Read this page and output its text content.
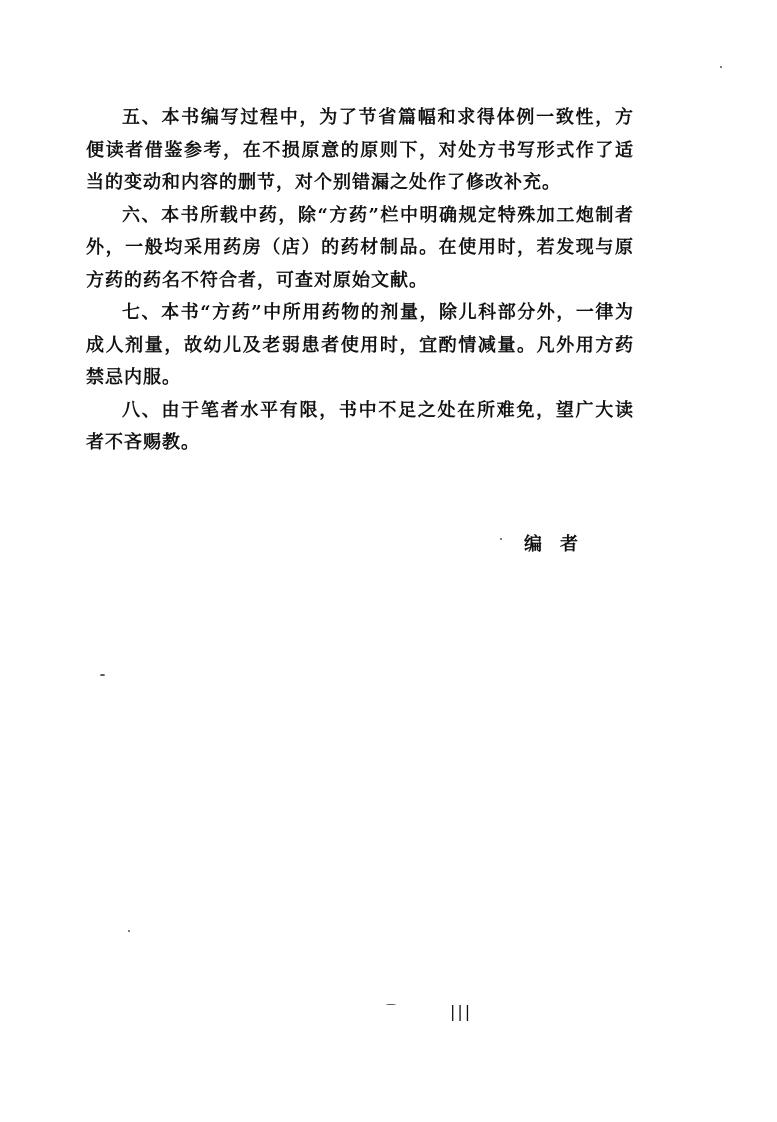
五、本书编写过程中，为了节省篇幅和求得体例一致性，方便读者借鉴参考，在不损原意的原则下，对处方书写形式作了适当的变动和内容的删节，对个别错漏之处作了修改补充。

六、本书所载中药，除“方药”栏中明确规定特殊加工炮制者外，一般均采用药房（店）的药材制品。在使用时，若发现与原方药的药名不符合者，可查对原始文献。

七、本书“方药”中所用药物的剂量，除儿科部分外，一律为成人剂量，故幼儿及老弱患者使用时，宜酌情减量。凡外用方药禁忌内服。

八、由于笔者水平有限，书中不足之处在所难免，望广大读者不吝赐教。

编者
|||
